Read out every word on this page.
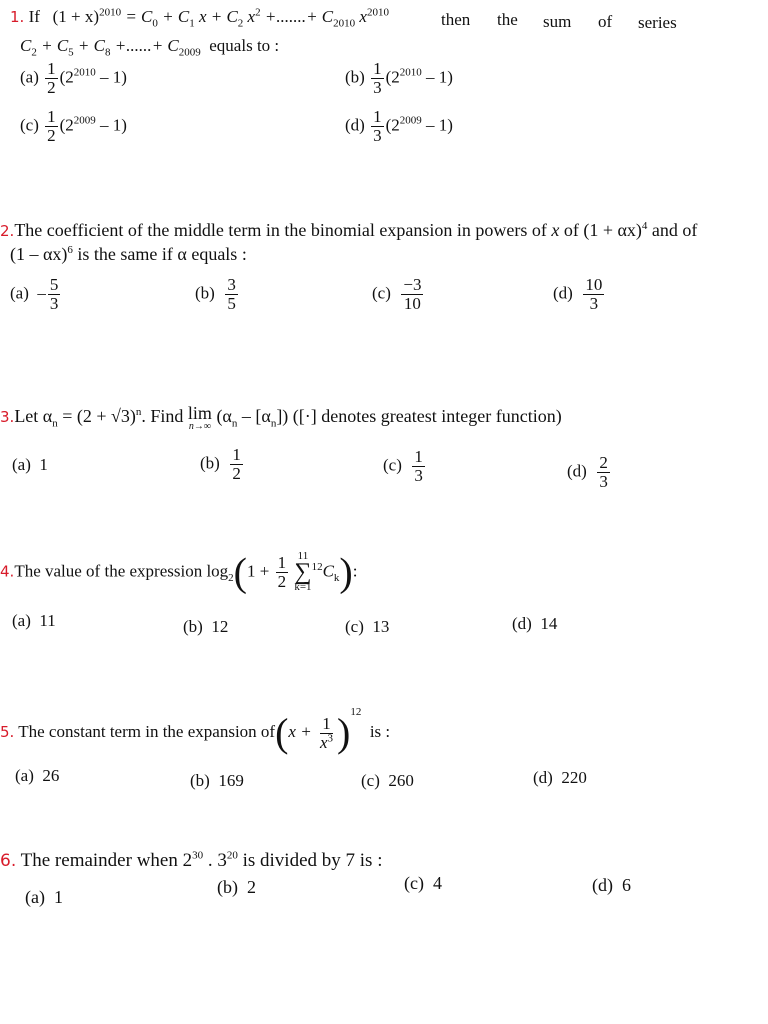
1. If $(1 + x)^{2010} = C_0 + C_1$ $x + C_2$ $x^2$ +.......+ $C_{2010}$ $x^{2010}$	then the sum of series
$C_2 + C_5 + C_8$ +......+ $C_{2009}$ equals to :
$(a) \frac{1}{2} (2^{2010} - 1)$	$(b) \frac{1}{3} (2^{2010} - 1)$
$(c) \frac{1}{2} (2^{2009} - 1)$	$(d) \frac{1}{3} (2^{2009} - 1)$
2.The coefficient of the middle term in the binomial expansion in powers of x of $(1 + \alpha x)^4$ and of
(1 – αx)$^6$ is the same if α equals :
$(a) - \frac{5}{3}$	$(b) \frac{3}{5}$	$(c) \frac{-3}{10}$	$(d) \frac{10}{3}$
3.Let $\alpha_n = (2 + √3)^n$. Find lim
n→∞
$(\alpha_n - [\alpha_n])$ ([·] denotes greatest integer function)
(a) 1	$(b) \frac{1}{2}$	$(c) \frac{1}{3}$	$(d) \frac{2}{3}$
4.The value of the expression $\log_2(1 + \frac{1}{2}$
11
∑
k=1
$^{12}C_k$):
(a) 11	(b) 12	(c) 13	(d) 14
5. The constant term in the expansion $of(x + \frac{1}{x^3} )^{12}$  is :
(a) 26	(b) 169	(c) 260	(d) 220
6. The remainder when $2^{30}$ . $3^{20}$ is divided by 7 is :
(a) 1	(b) 2	(c) 4	(d) 6
